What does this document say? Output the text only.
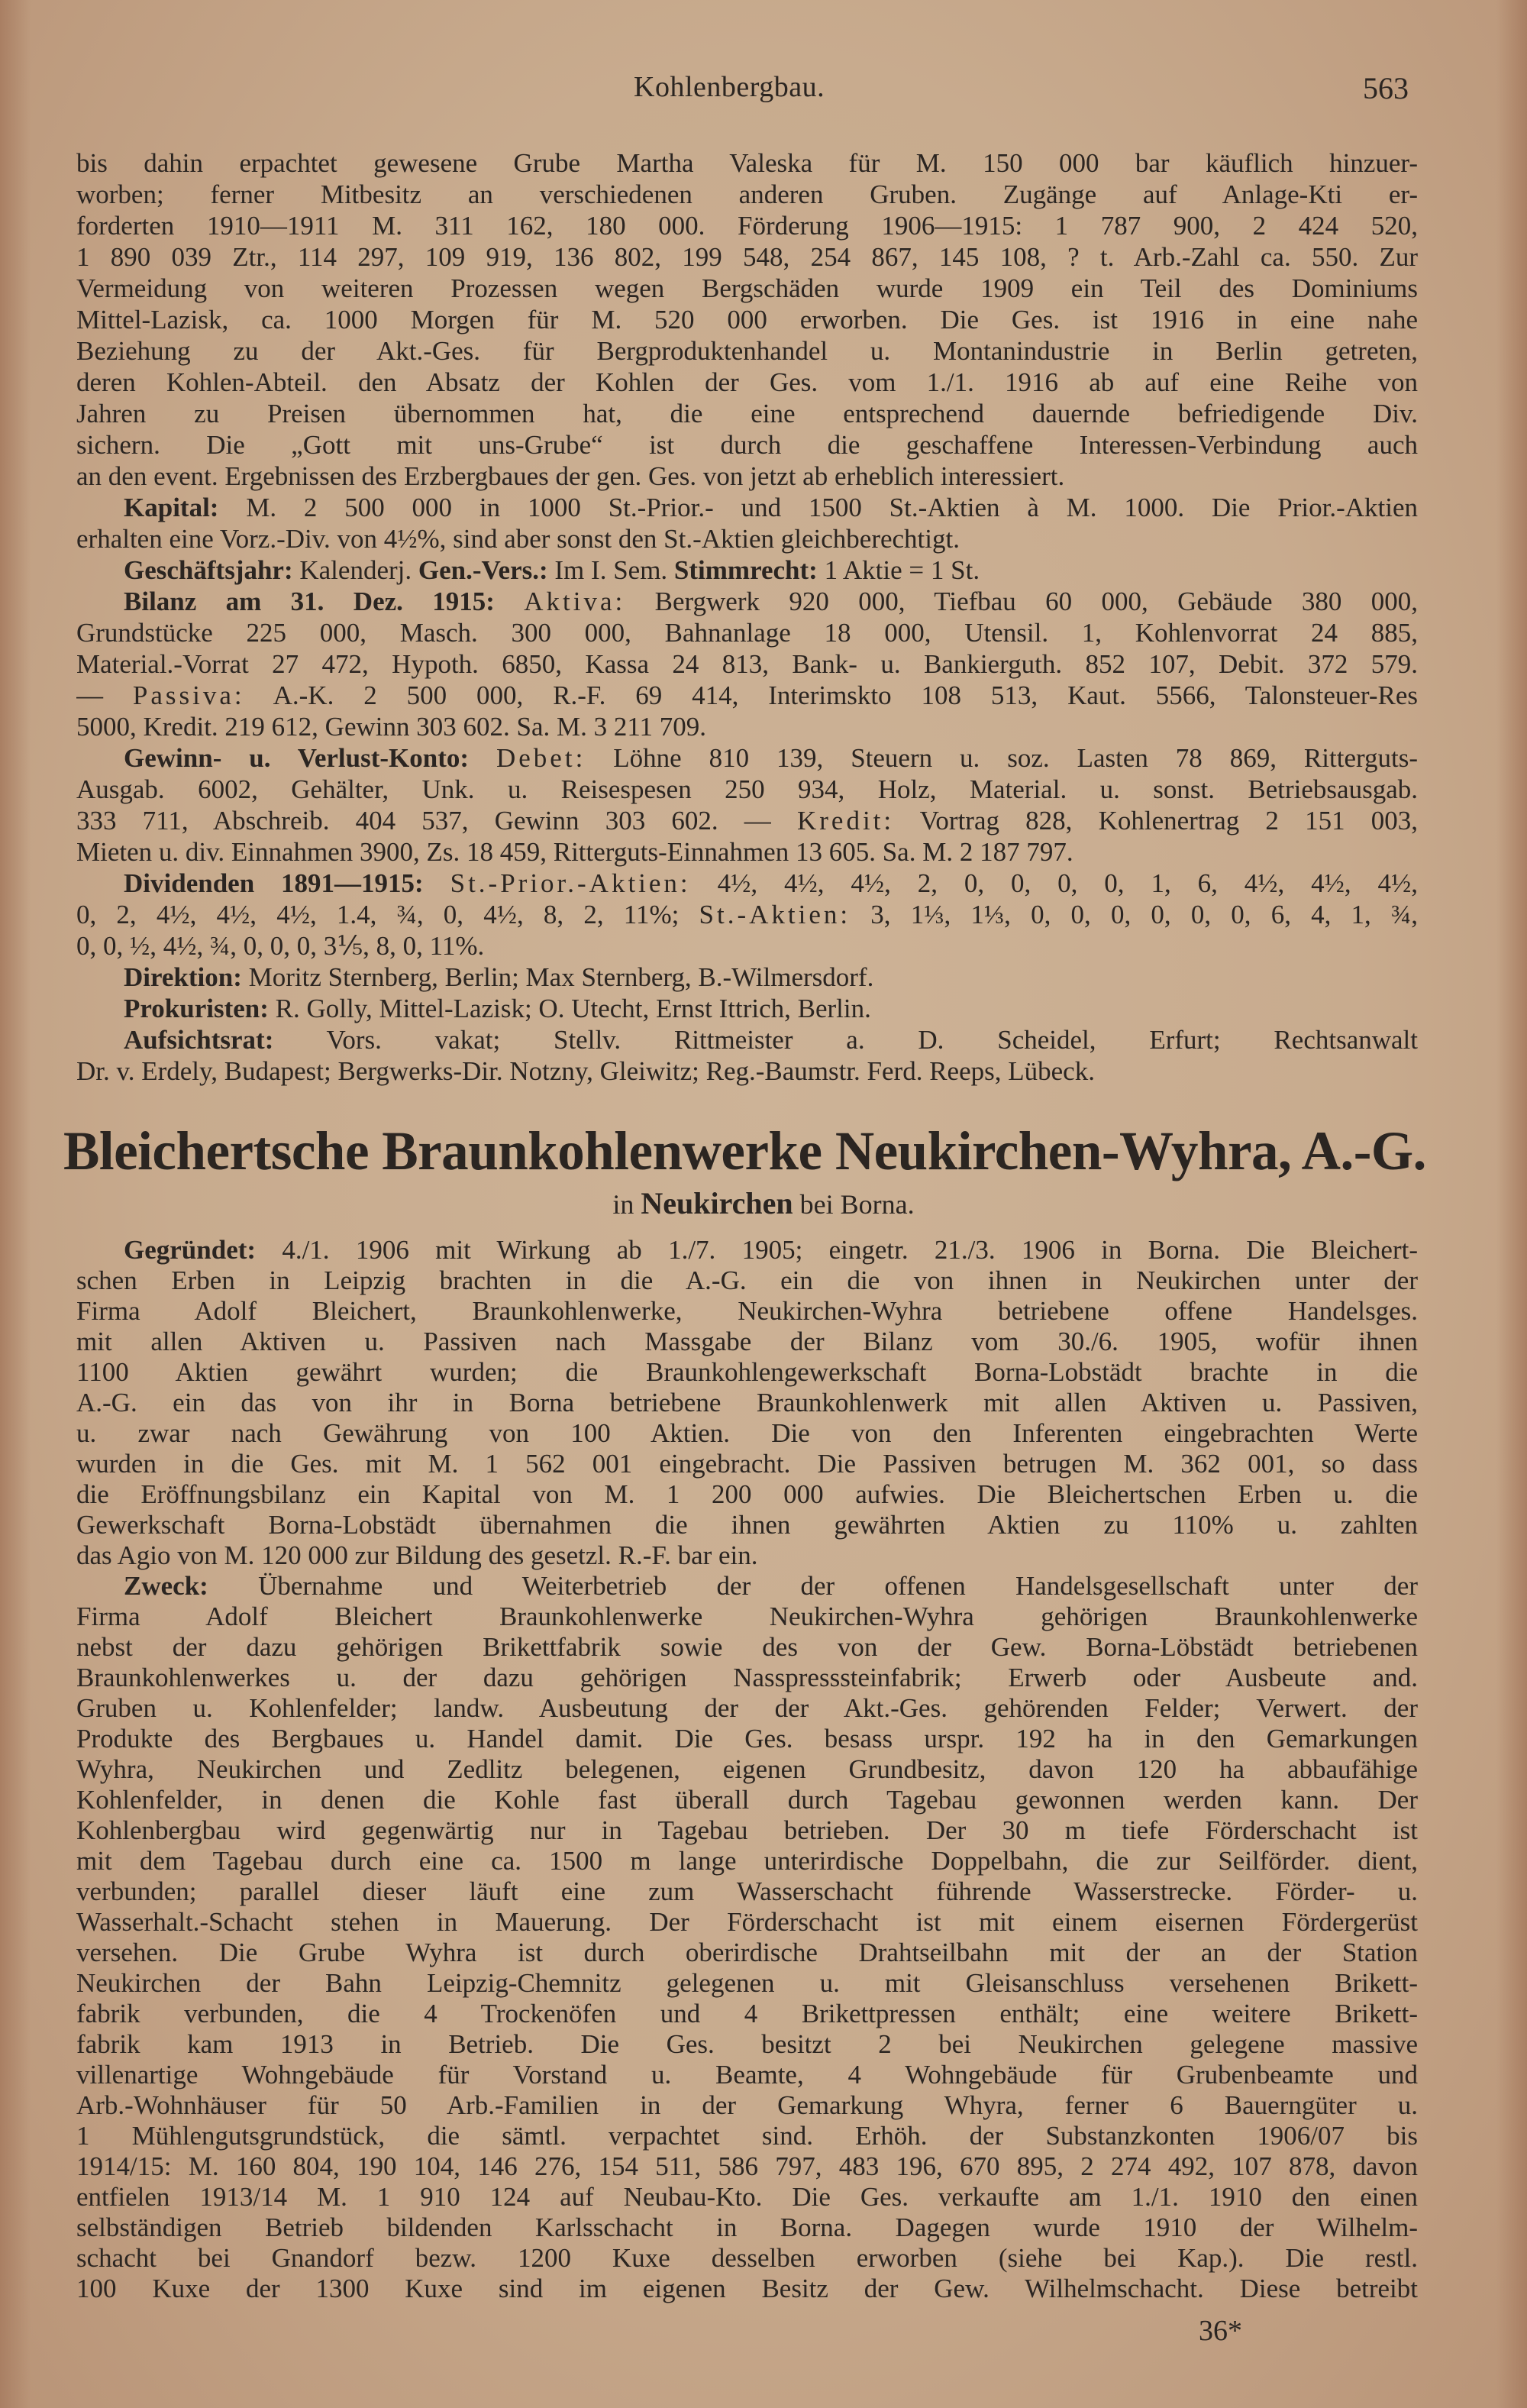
Kohlenbergbau.	563
bis dahin erpachtet gewesene Grube Martha Valeska für M. 150 000 bar käuflich hinzuer-
worben; ferner Mitbesitz an verschiedenen anderen Gruben. Zugänge auf Anlage-Kti er-
forderten 1910—1911 M. 311 162, 180 000. Förderung 1906—1915: 1 787 900, 2 424 520,
1 890 039 Ztr., 114 297, 109 919, 136 802, 199 548, 254 867, 145 108, ? t. Arb.-Zahl ca. 550. Zur
Vermeidung von weiteren Prozessen wegen Bergschäden wurde 1909 ein Teil des Dominiums
Mittel-Lazisk, ca. 1000 Morgen für M. 520 000 erworben. Die Ges. ist 1916 in eine nahe
Beziehung zu der Akt.-Ges. für Bergproduktenhandel u. Montanindustrie in Berlin getreten,
deren Kohlen-Abteil. den Absatz der Kohlen der Ges. vom 1./1. 1916 ab auf eine Reihe von
Jahren zu Preisen übernommen hat, die eine entsprechend dauernde befriedigende Div.
sichern. Die „Gott mit uns-Grube“ ist durch die geschaffene Interessen-Verbindung auch
an den event. Ergebnissen des Erzbergbaues der gen. Ges. von jetzt ab erheblich interessiert.
Kapital: M. 2 500 000 in 1000 St.-Prior.- und 1500 St.-Aktien à M. 1000. Die Prior.-Aktien
erhalten eine Vorz.-Div. von 4½%, sind aber sonst den St.-Aktien gleichberechtigt.
Geschäftsjahr: Kalenderj. Gen.-Vers.: Im I. Sem. Stimmrecht: 1 Aktie = 1 St.
Bilanz am 31. Dez. 1915: Aktiva: Bergwerk 920 000, Tiefbau 60 000, Gebäude 380 000,
Grundstücke 225 000, Masch. 300 000, Bahnanlage 18 000, Utensil. 1, Kohlenvorrat 24 885,
Material.-Vorrat 27 472, Hypoth. 6850, Kassa 24 813, Bank- u. Bankierguth. 852 107, Debit. 372 579.
— Passiva: A.-K. 2 500 000, R.-F. 69 414, Interimskto 108 513, Kaut. 5566, Talonsteuer-Res
5000, Kredit. 219 612, Gewinn 303 602. Sa. M. 3 211 709.
Gewinn- u. Verlust-Konto: Debet: Löhne 810 139, Steuern u. soz. Lasten 78 869, Ritterguts-
Ausgab. 6002, Gehälter, Unk. u. Reisespesen 250 934, Holz, Material. u. sonst. Betriebsausgab.
333 711, Abschreib. 404 537, Gewinn 303 602. — Kredit: Vortrag 828, Kohlenertrag 2 151 003,
Mieten u. div. Einnahmen 3900, Zs. 18 459, Ritterguts-Einnahmen 13 605. Sa. M. 2 187 797.
Dividenden 1891—1915: St.-Prior.-Aktien: 4½, 4½, 4½, 2, 0, 0, 0, 0, 1, 6, 4½, 4½, 4½,
0, 2, 4½, 4½, 4½, 1.4, ¾, 0, 4½, 8, 2, 11%; St.-Aktien: 3, 1⅓, 1⅓, 0, 0, 0, 0, 0, 0, 6, 4, 1, ¾,
0, 0, ½, 4½, ¾, 0, 0, 0, 3⅕, 8, 0, 11%.
Direktion: Moritz Sternberg, Berlin; Max Sternberg, B.-Wilmersdorf.
Prokuristen: R. Golly, Mittel-Lazisk; O. Utecht, Ernst Ittrich, Berlin.
Aufsichtsrat: Vors. vakat; Stellv. Rittmeister a. D. Scheidel, Erfurt; Rechtsanwalt
Dr. v. Erdely, Budapest; Bergwerks-Dir. Notzny, Gleiwitz; Reg.-Baumstr. Ferd. Reeps, Lübeck.
Bleichertsche Braunkohlenwerke Neukirchen-Wyhra, A.-G.
in Neukirchen bei Borna.
Gegründet: 4./1. 1906 mit Wirkung ab 1./7. 1905; eingetr. 21./3. 1906 in Borna. Die Bleichert-
schen Erben in Leipzig brachten in die A.-G. ein die von ihnen in Neukirchen unter der
Firma Adolf Bleichert, Braunkohlenwerke, Neukirchen-Wyhra betriebene offene Handelsges.
mit allen Aktiven u. Passiven nach Massgabe der Bilanz vom 30./6. 1905, wofür ihnen
1100 Aktien gewährt wurden; die Braunkohlengewerkschaft Borna-Lobstädt brachte in die
A.-G. ein das von ihr in Borna betriebene Braunkohlenwerk mit allen Aktiven u. Passiven,
u. zwar nach Gewährung von 100 Aktien. Die von den Inferenten eingebrachten Werte
wurden in die Ges. mit M. 1 562 001 eingebracht. Die Passiven betrugen M. 362 001, so dass
die Eröffnungsbilanz ein Kapital von M. 1 200 000 aufwies. Die Bleichertschen Erben u. die
Gewerkschaft Borna-Lobstädt übernahmen die ihnen gewährten Aktien zu 110% u. zahlten
das Agio von M. 120 000 zur Bildung des gesetzl. R.-F. bar ein.
Zweck: Übernahme und Weiterbetrieb der der offenen Handelsgesellschaft unter der
Firma Adolf Bleichert Braunkohlenwerke Neukirchen-Wyhra gehörigen Braunkohlenwerke
nebst der dazu gehörigen Brikettfabrik sowie des von der Gew. Borna-Löbstädt betriebenen
Braunkohlenwerkes u. der dazu gehörigen Nasspresssteinfabrik; Erwerb oder Ausbeute and.
Gruben u. Kohlenfelder; landw. Ausbeutung der der Akt.-Ges. gehörenden Felder; Verwert. der
Produkte des Bergbaues u. Handel damit. Die Ges. besass urspr. 192 ha in den Gemarkungen
Wyhra, Neukirchen und Zedlitz belegenen, eigenen Grundbesitz, davon 120 ha abbaufähige
Kohlenfelder, in denen die Kohle fast überall durch Tagebau gewonnen werden kann. Der
Kohlenbergbau wird gegenwärtig nur in Tagebau betrieben. Der 30 m tiefe Förderschacht ist
mit dem Tagebau durch eine ca. 1500 m lange unterirdische Doppelbahn, die zur Seilförder. dient,
verbunden; parallel dieser läuft eine zum Wasserschacht führende Wasserstrecke. Förder- u.
Wasserhalt.-Schacht stehen in Mauerung. Der Förderschacht ist mit einem eisernen Fördergerüst
versehen. Die Grube Wyhra ist durch oberirdische Drahtseilbahn mit der an der Station
Neukirchen der Bahn Leipzig-Chemnitz gelegenen u. mit Gleisanschluss versehenen Brikett-
fabrik verbunden, die 4 Trockenöfen und 4 Brikettpressen enthält; eine weitere Brikett-
fabrik kam 1913 in Betrieb. Die Ges. besitzt 2 bei Neukirchen gelegene massive
villenartige Wohngebäude für Vorstand u. Beamte, 4 Wohngebäude für Grubenbeamte und
Arb.-Wohnhäuser für 50 Arb.-Familien in der Gemarkung Whyra, ferner 6 Bauerngüter u.
1 Mühlengutsgrundstück, die sämtl. verpachtet sind. Erhöh. der Substanzkonten 1906/07 bis
1914/15: M. 160 804, 190 104, 146 276, 154 511, 586 797, 483 196, 670 895, 2 274 492, 107 878, davon
entfielen 1913/14 M. 1 910 124 auf Neubau-Kto. Die Ges. verkaufte am 1./1. 1910 den einen
selbständigen Betrieb bildenden Karlsschacht in Borna. Dagegen wurde 1910 der Wilhelm-
schacht bei Gnandorf bezw. 1200 Kuxe desselben erworben (siehe bei Kap.). Die restl.
100 Kuxe der 1300 Kuxe sind im eigenen Besitz der Gew. Wilhelmschacht. Diese betreibt
36*
